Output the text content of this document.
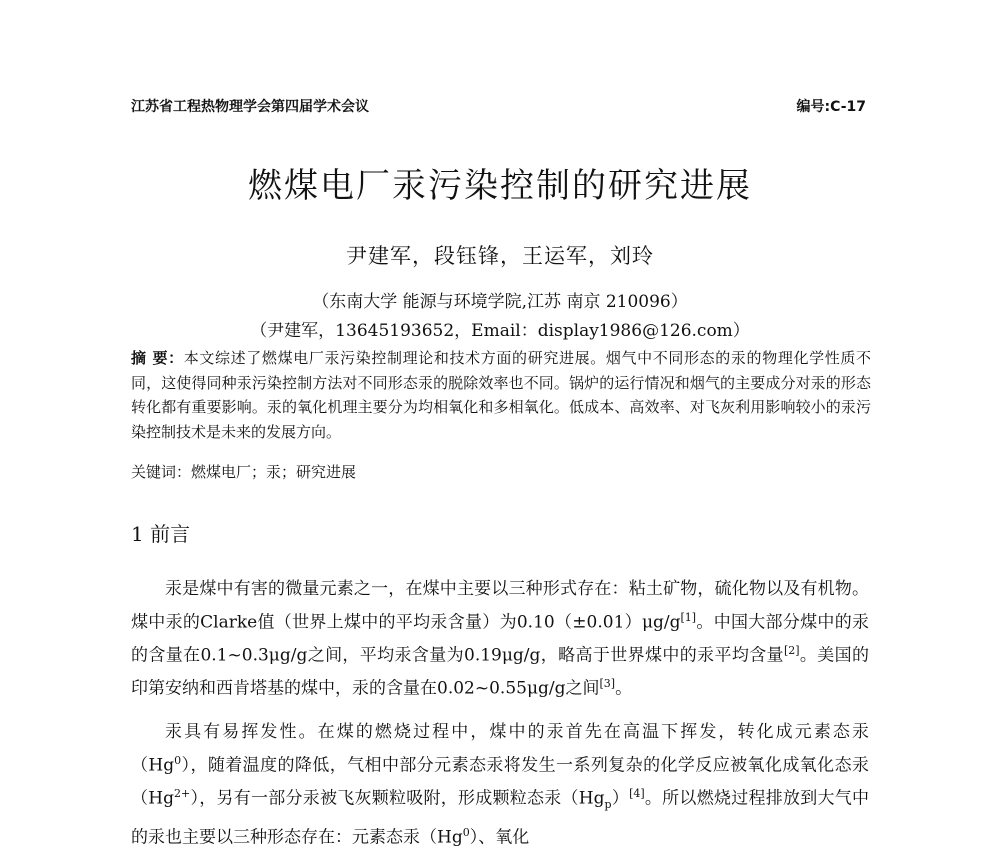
江苏省工程热物理学会第四届学术会议	编号:C-17
燃煤电厂汞污染控制的研究进展
尹建军，段钰锋，王运军，刘玲
（东南大学 能源与环境学院,江苏 南京 210096）
（尹建军，13645193652，Email：display1986@126.com）
摘 要：本文综述了燃煤电厂汞污染控制理论和技术方面的研究进展。烟气中不同形态的汞的物理化学性质不同，这使得同种汞污染控制方法对不同形态汞的脱除效率也不同。锅炉的运行情况和烟气的主要成分对汞的形态转化都有重要影响。汞的氧化机理主要分为均相氧化和多相氧化。低成本、高效率、对飞灰利用影响较小的汞污染控制技术是未来的发展方向。
关键词：燃煤电厂；汞；研究进展
1 前言
汞是煤中有害的微量元素之一，在煤中主要以三种形式存在：粘土矿物，硫化物以及有机物。煤中汞的Clarke值（世界上煤中的平均汞含量）为0.10（±0.01）μg/g[1]。中国大部分煤中的汞的含量在0.1~0.3μg/g之间，平均汞含量为0.19μg/g，略高于世界煤中的汞平均含量[2]。美国的印第安纳和西肯塔基的煤中，汞的含量在0.02~0.55μg/g之间[3]。
汞具有易挥发性。在煤的燃烧过程中，煤中的汞首先在高温下挥发，转化成元素态汞（Hg$^0$），随着温度的降低，气相中部分元素态汞将发生一系列复杂的化学反应被氧化成氧化态汞$(Hg^{2+})$，另有一部分汞被飞灰颗粒吸附，形成颗粒态汞$(Hg_p)[4]$。所以燃烧过程排放到大气中的汞也主要以三种形态存在：元素态汞（Hg$^0$）、氧化
